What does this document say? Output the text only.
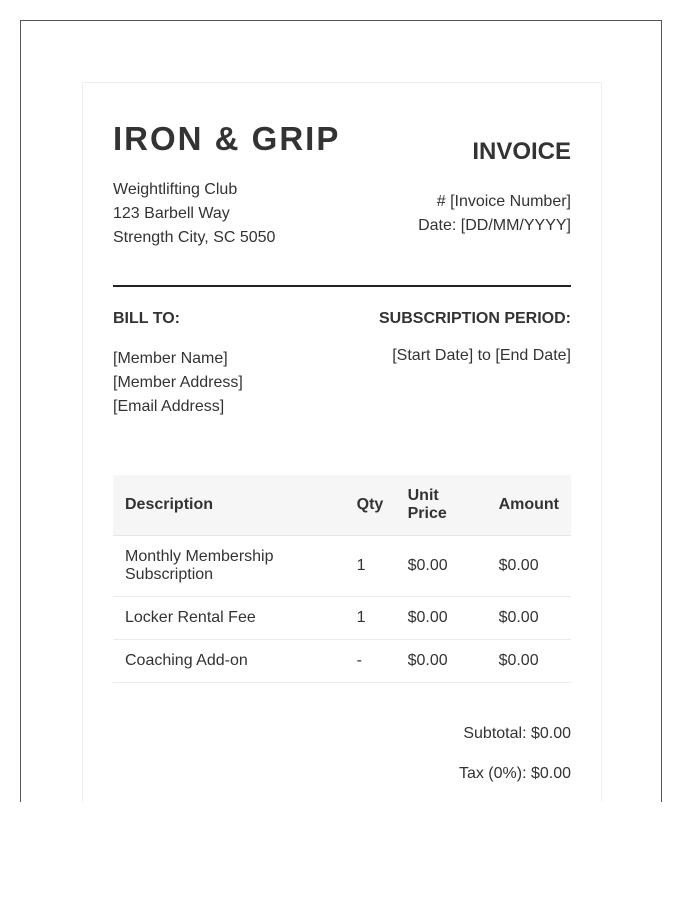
IRON & GRIP
Weightlifting Club
123 Barbell Way
Strength City, SC 5050
INVOICE
# [Invoice Number]
Date: [DD/MM/YYYY]
BILL TO:
[Member Name]
[Member Address]
[Email Address]
SUBSCRIPTION PERIOD:
[Start Date] to [End Date]
Description	Qty	Unit Price	Amount
Monthly Membership Subscription	1	$0.00	$0.00
Locker Rental Fee	1	$0.00	$0.00
Coaching Add-on	-	$0.00	$0.00
Subtotal: $0.00
Tax (0%): $0.00
